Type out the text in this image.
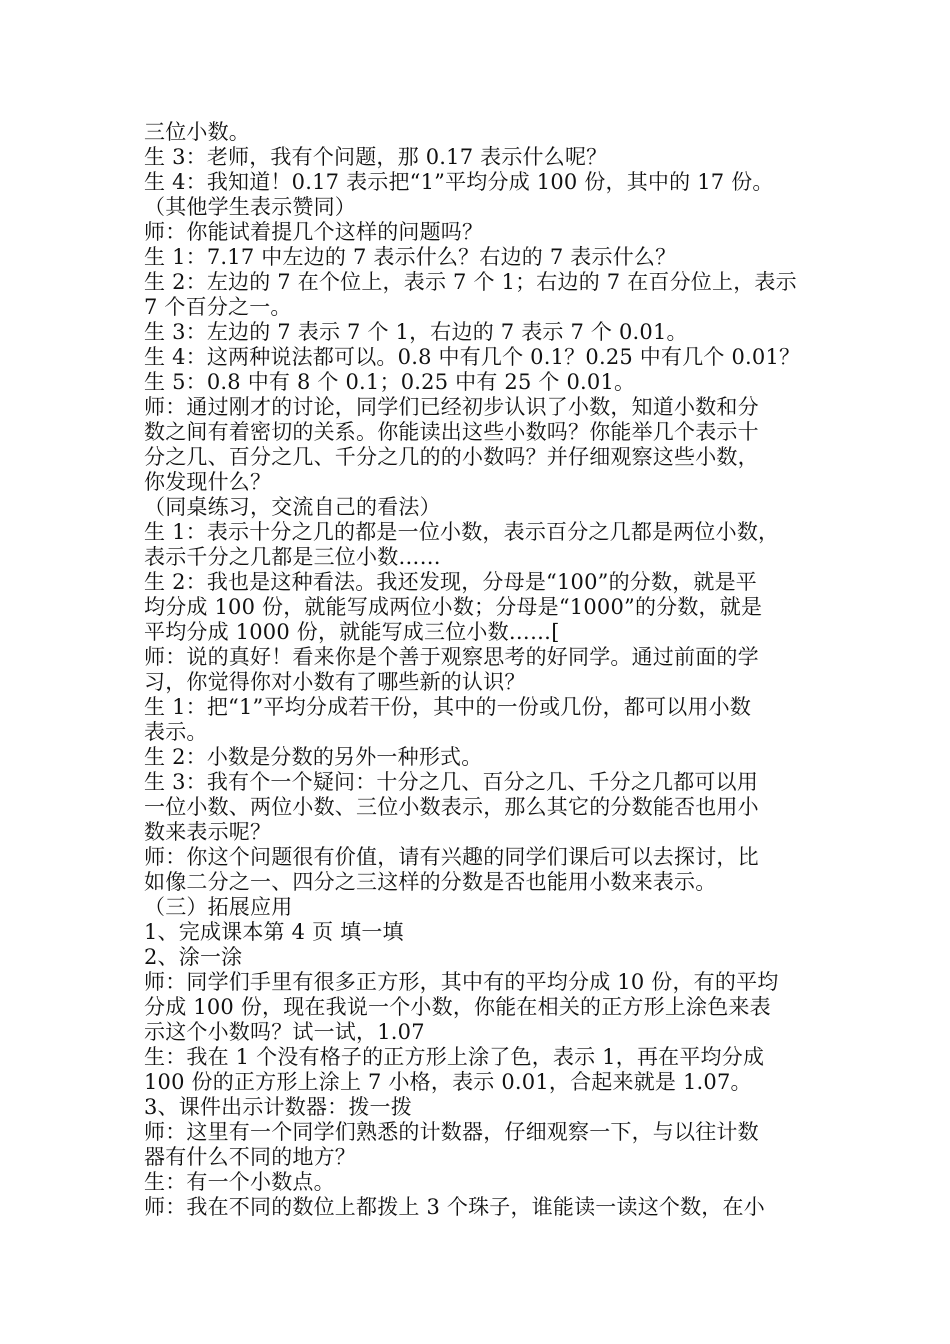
三位小数。
生 3：老师，我有个问题，那 0.17 表示什么呢？
生 4：我知道！0.17 表示把“1”平均分成 100 份，其中的 17 份。
（其他学生表示赞同）
师：你能试着提几个这样的问题吗？
生 1：7.17 中左边的 7 表示什么？右边的 7 表示什么？
生 2：左边的 7 在个位上，表示 7 个 1；右边的 7 在百分位上，表示
7 个百分之一。
生 3：左边的 7 表示 7 个 1，右边的 7 表示 7 个 0.01。
生 4：这两种说法都可以。0.8 中有几个 0.1？0.25 中有几个 0.01？
生 5：0.8 中有 8 个 0.1；0.25 中有 25 个 0.01。
师：通过刚才的讨论，同学们已经初步认识了小数，知道小数和分
数之间有着密切的关系。你能读出这些小数吗？你能举几个表示十
分之几、百分之几、千分之几的的小数吗？并仔细观察这些小数，
你发现什么？
（同桌练习，交流自己的看法）
生 1：表示十分之几的都是一位小数，表示百分之几都是两位小数，
表示千分之几都是三位小数……
生 2：我也是这种看法。我还发现，分母是“100”的分数，就是平
均分成 100 份，就能写成两位小数；分母是“1000”的分数，就是
平均分成 1000 份，就能写成三位小数……[
师：说的真好！看来你是个善于观察思考的好同学。通过前面的学
习，你觉得你对小数有了哪些新的认识？
生 1：把“1”平均分成若干份，其中的一份或几份，都可以用小数
表示。
生 2：小数是分数的另外一种形式。
生 3：我有个一个疑问：十分之几、百分之几、千分之几都可以用
一位小数、两位小数、三位小数表示，那么其它的分数能否也用小
数来表示呢？
师：你这个问题很有价值，请有兴趣的同学们课后可以去探讨，比
如像二分之一、四分之三这样的分数是否也能用小数来表示。
（三）拓展应用
1、完成课本第 4 页 填一填
2、涂一涂
师：同学们手里有很多正方形，其中有的平均分成 10 份，有的平均
分成 100 份，现在我说一个小数，你能在相关的正方形上涂色来表
示这个小数吗？试一试，1.07
生：我在 1 个没有格子的正方形上涂了色，表示 1，再在平均分成
100 份的正方形上涂上 7 小格，表示 0.01，合起来就是 1.07。
3、课件出示计数器：拨一拨
师：这里有一个同学们熟悉的计数器，仔细观察一下，与以往计数
器有什么不同的地方？
生：有一个小数点。
师：我在不同的数位上都拨上 3 个珠子，谁能读一读这个数，在小
